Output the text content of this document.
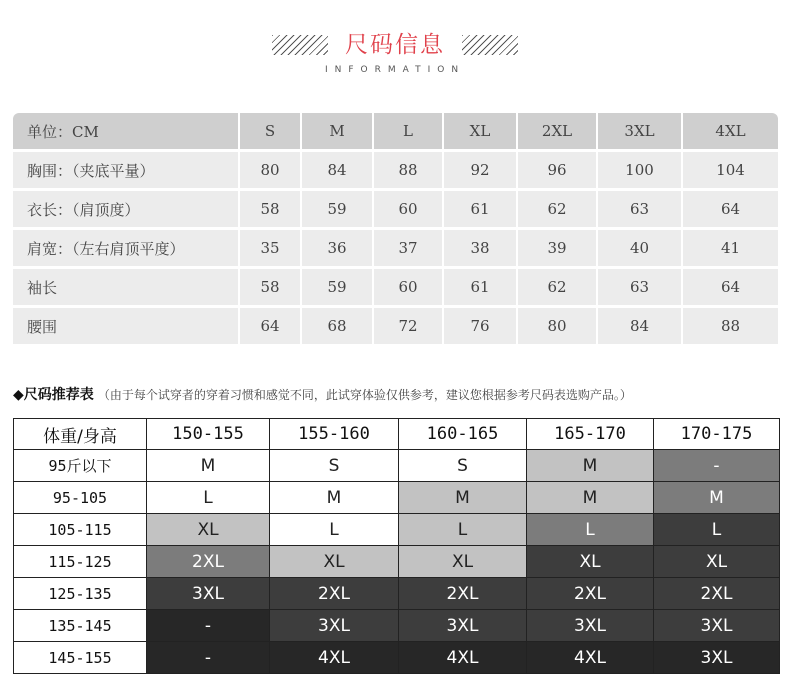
尺码信息
INFORMATION
单位：CM	S	M	L	XL	2XL	3XL	4XL
胸围：（夹底平量）	80	84	88	92	96	100	104
衣长：（肩顶度）	58	59	60	61	62	63	64
肩宽：（左右肩顶平度）	35	36	37	38	39	40	41
袖长	58	59	60	61	62	63	64
腰围	64	68	72	76	80	84	88
◆尺码推荐表 （由于每个试穿者的穿着习惯和感觉不同，此试穿体验仅供参考，建议您根据参考尺码表选购产品。）
体重/身高	150-155	155-160	160-165	165-170	170-175
95斤以下	M	S	S	M	-
95-105	L	M	M	M	M
105-115	XL	L	L	L	L
115-125	2XL	XL	XL	XL	XL
125-135	3XL	2XL	2XL	2XL	2XL
135-145	-	3XL	3XL	3XL	3XL
145-155	-	4XL	4XL	4XL	3XL
